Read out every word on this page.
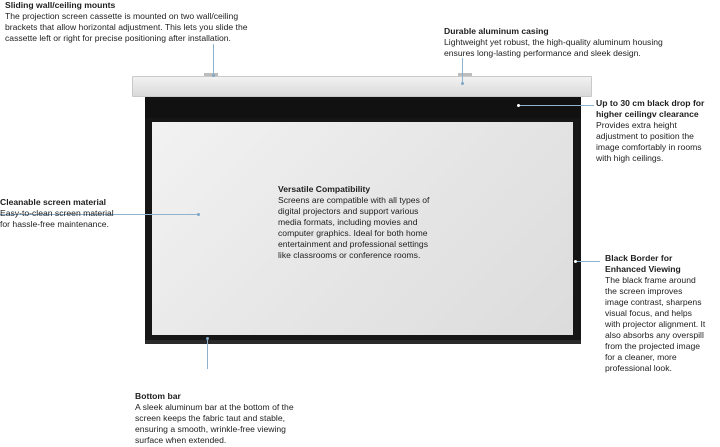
Sliding wall/ceiling mounts
The projection screen cassette is mounted on two wall/ceiling
brackets that allow horizontal adjustment. This lets you slide the
cassette left or right for precise positioning after installation.
Durable aluminum casing
Lightweight yet robust, the high-quality aluminum housing
ensures long-lasting performance and sleek design.
Up to 30 cm black drop for
higher ceilingv clearance
Provides extra height
adjustment to position the
image comfortably in rooms
with high ceilings.
Cleanable screen material
Easy-to-clean screen material
for hassle-free maintenance.
Versatile Compatibility
Screens are compatible with all types of
digital projectors and support various
media formats, including movies and
computer graphics. Ideal for both home
entertainment and professional settings
like classrooms or conference rooms.	Black Border for
Enhanced Viewing
The black frame around
the screen improves
image contrast, sharpens
visual focus, and helps
with projector alignment. It
also absorbs any overspill
from the projected image
for a cleaner, more
professional look.
Bottom bar
A sleek aluminum bar at the bottom of the
screen keeps the fabric taut and stable,
ensuring a smooth, wrinkle-free viewing
surface when extended.
